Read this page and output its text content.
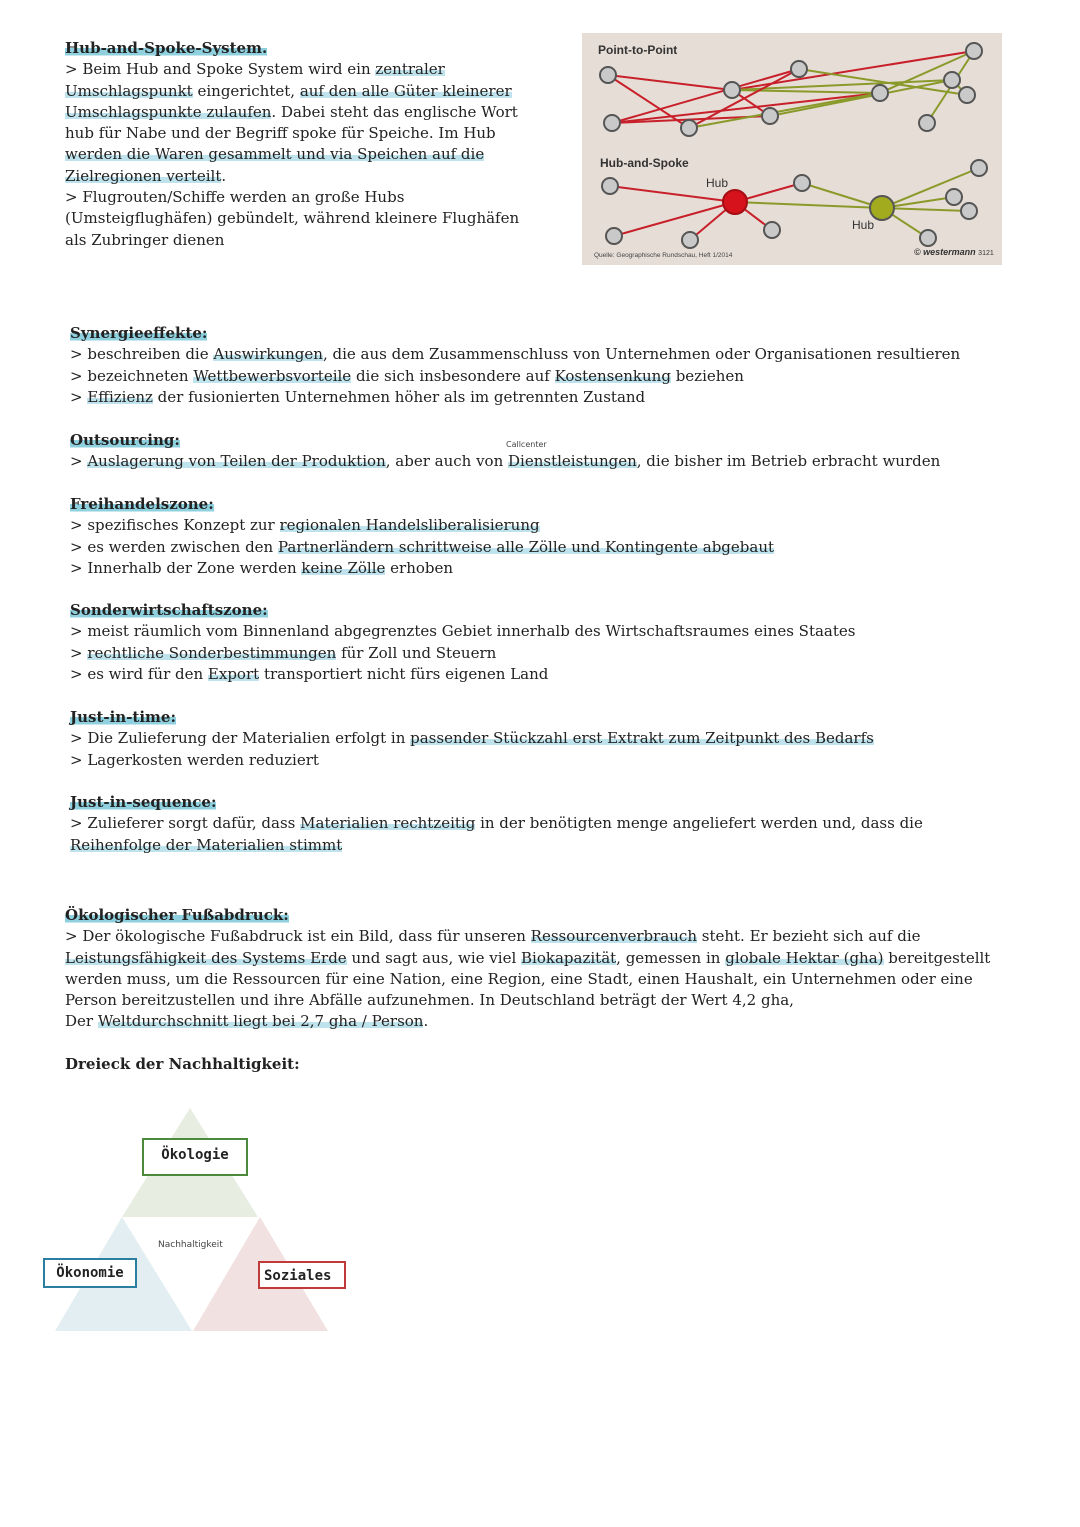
Hub-and-Spoke-System.

> Beim Hub and Spoke System wird ein zentraler Umschlagspunkt eingerichtet, auf den alle Güter kleinerer Umschlagspunkte zulaufen. Dabei steht das englische Wort hub für Nabe und der Begriff spoke für Speiche. Im Hub werden die Waren gesammelt und via Speichen auf die Zielregionen verteilt.

> Flugrouten/Schiffe werden an große Hubs (Umsteigflughäfen) gebündelt, während kleinere Flughäfen als Zubringer dienen

Point-to-Point
Hub-and-Spoke
Hub
Hub
Quelle: Geographische Rundschau, Heft 1/2014	© westermann 3121

Synergieeffekte:

> beschreiben die Auswirkungen, die aus dem Zusammenschluss von Unternehmen oder Organisationen resultieren

> bezeichneten Wettbewerbsvorteile die sich insbesondere auf Kostensenkung beziehen

> Effizienz der fusionierten Unternehmen höher als im getrennten Zustand

Outsourcing:

> Auslagerung von Teilen der Produktion, aber auch von Dienstleistungen, die bisher im Betrieb erbracht wurden

Callcenter

Freihandelszone:

> spezifisches Konzept zur regionalen Handelsliberalisierung

> es werden zwischen den Partnerländern schrittweise alle Zölle und Kontingente abgebaut

> Innerhalb der Zone werden keine Zölle erhoben

Sonderwirtschaftszone:

> meist räumlich vom Binnenland abgegrenztes Gebiet innerhalb des Wirtschaftsraumes eines Staates

> rechtliche Sonderbestimmungen für Zoll und Steuern

> es wird für den Export transportiert nicht fürs eigenen Land

Just-in-time:

> Die Zulieferung der Materialien erfolgt in passender Stückzahl erst Extrakt zum Zeitpunkt des Bedarfs

> Lagerkosten werden reduziert

Just-in-sequence:

> Zulieferer sorgt dafür, dass Materialien rechtzeitig in der benötigten menge angeliefert werden und, dass die Reihenfolge der Materialien stimmt

Ökologischer Fußabdruck:

> Der ökologische Fußabdruck ist ein Bild, dass für unseren Ressourcenverbrauch steht. Er bezieht sich auf die Leistungsfähigkeit des Systems Erde und sagt aus, wie viel Biokapazität, gemessen in globale Hektar (gha) bereitgestellt werden muss, um die Ressourcen für eine Nation, eine Region, eine Stadt, einen Haushalt, ein Unternehmen oder eine Person bereitzustellen und ihre Abfälle aufzunehmen. In Deutschland beträgt der Wert 4,2 gha,

Der Weltdurchschnitt liegt bei 2,7 gha / Person.

Dreieck der Nachhaltigkeit:
Ökologie
Ökonomie	Soziales
Nachhaltigkeit
